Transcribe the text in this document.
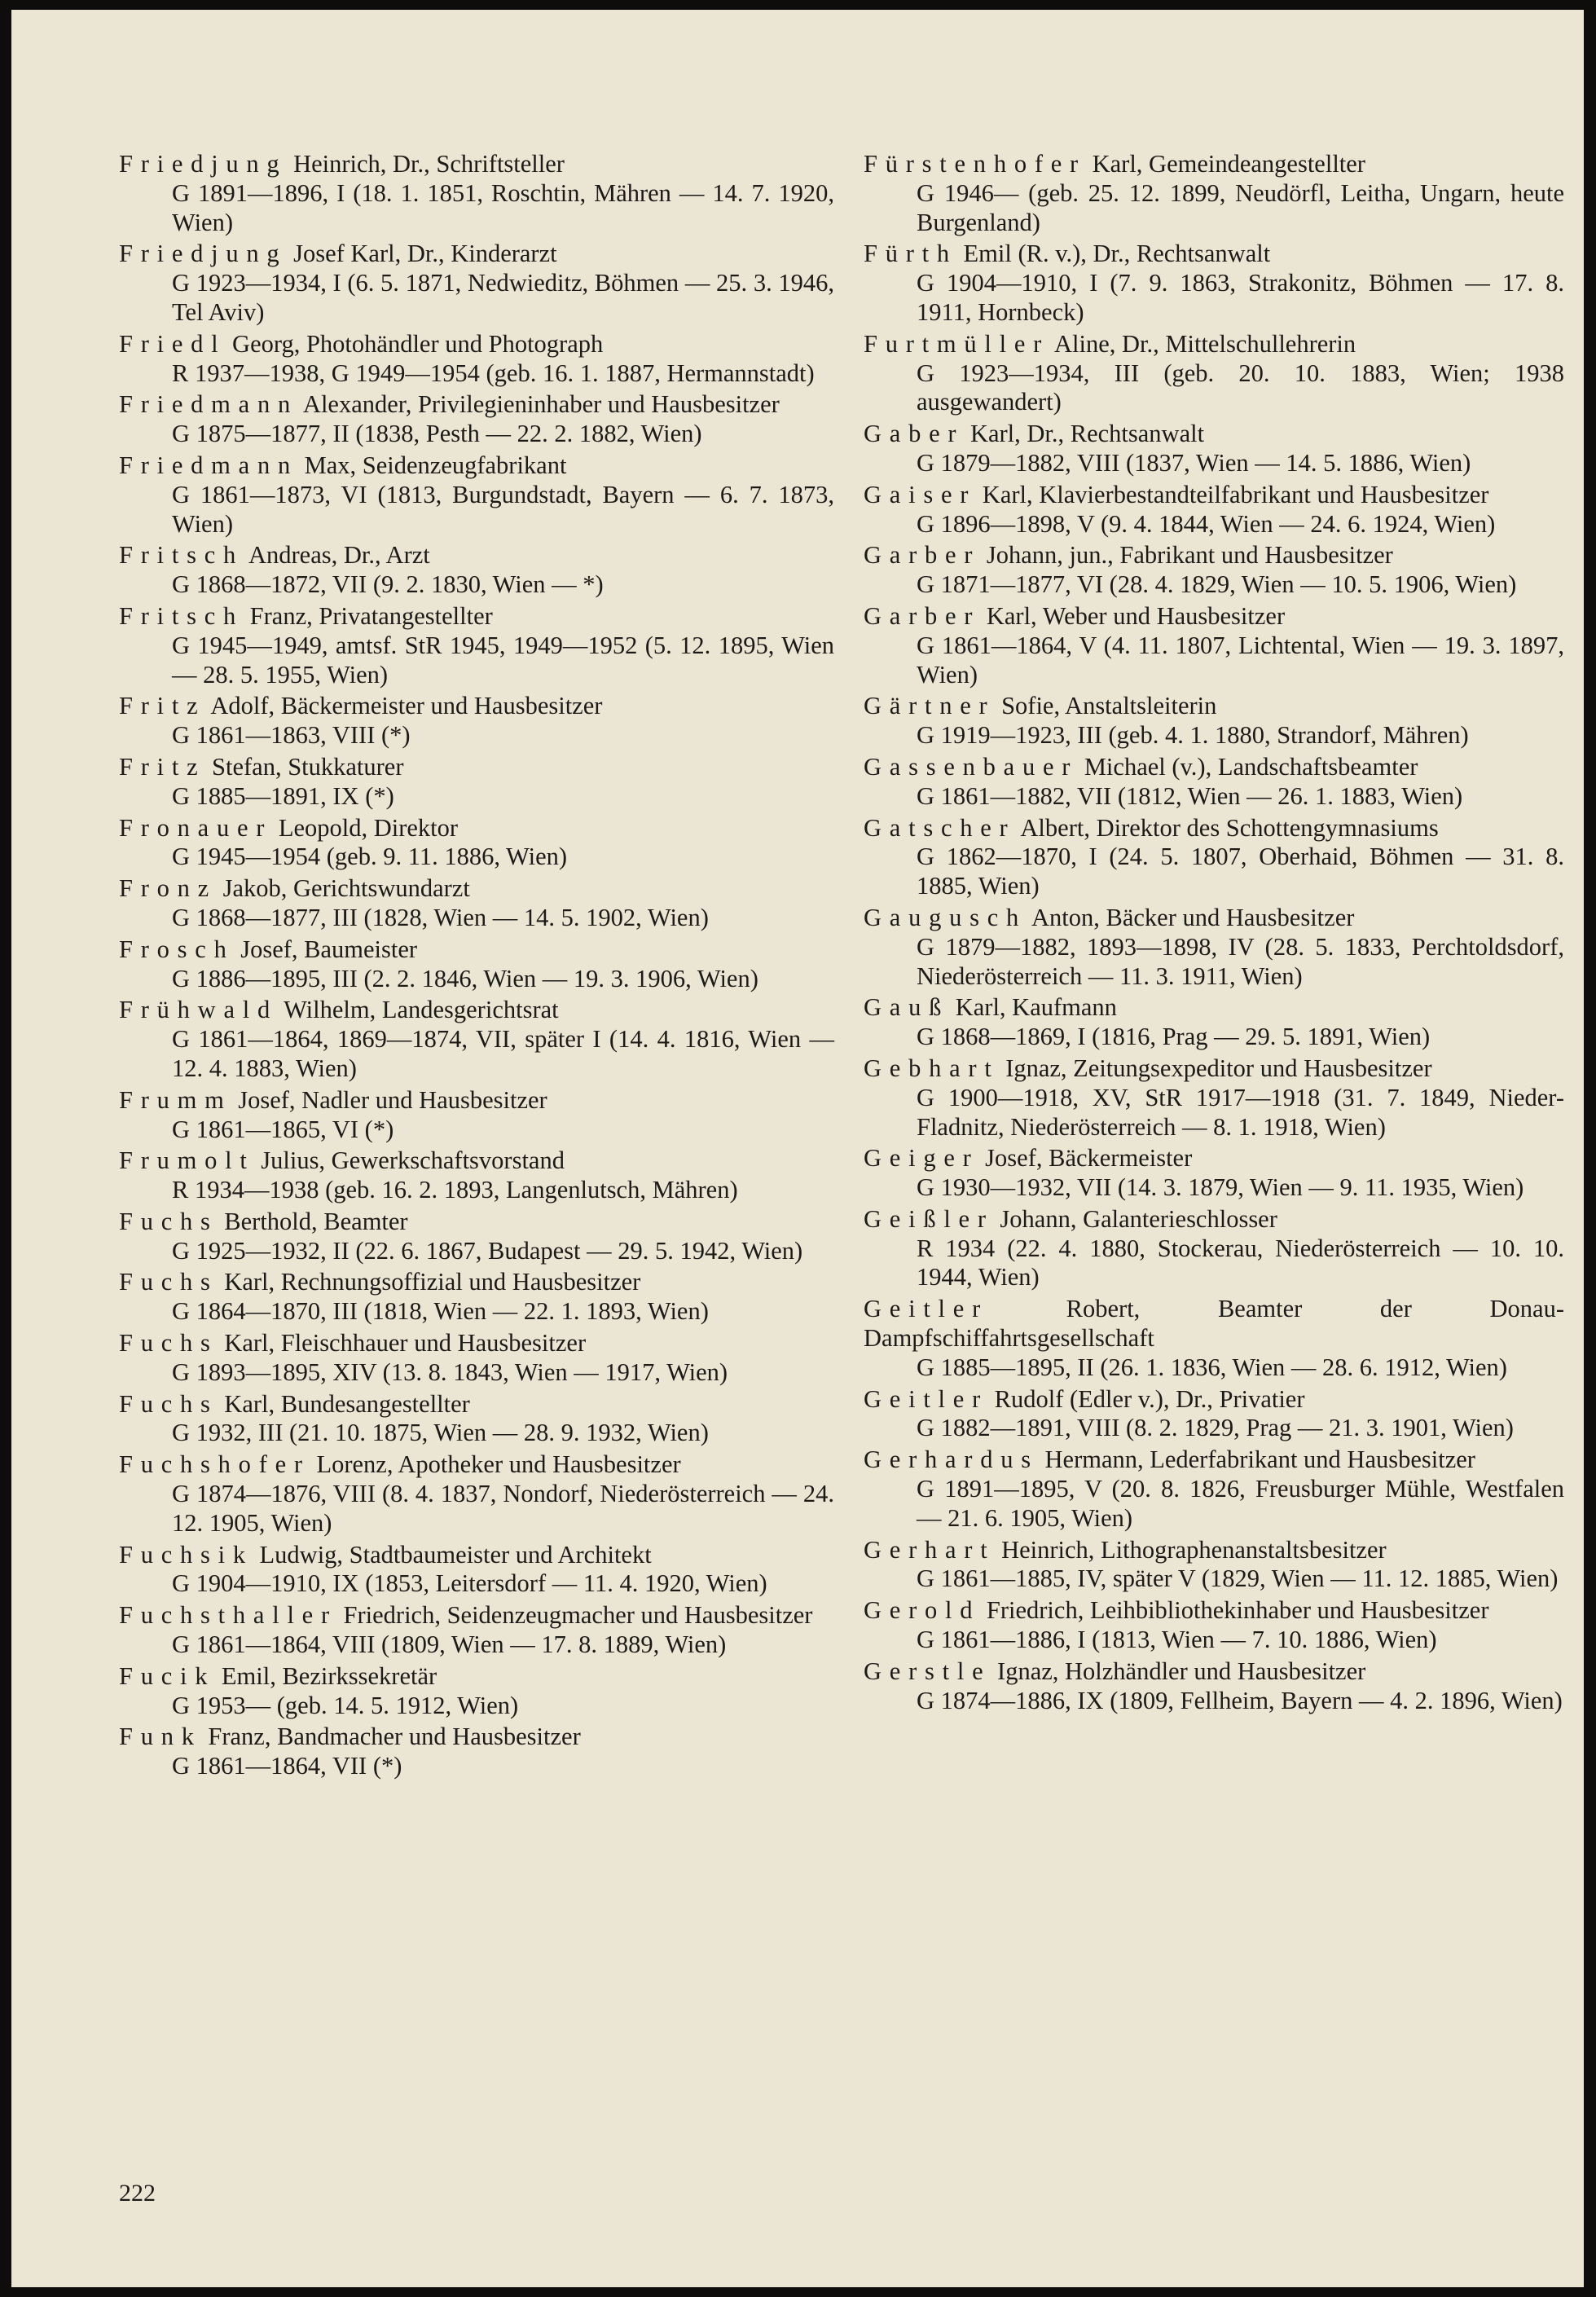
Friedjung Heinrich, Dr., Schriftsteller
G 1891—1896, I (18. 1. 1851, Roschtin, Mähren — 14. 7. 1920, Wien)
Friedjung Josef Karl, Dr., Kinderarzt
G 1923—1934, I (6. 5. 1871, Nedwieditz, Böhmen — 25. 3. 1946, Tel Aviv)
Friedl Georg, Photohändler und Photograph
R 1937—1938, G 1949—1954 (geb. 16. 1. 1887, Hermannstadt)
Friedmann Alexander, Privilegieninhaber und Hausbesitzer
G 1875—1877, II (1838, Pesth — 22. 2. 1882, Wien)
Friedmann Max, Seidenzeugfabrikant
G 1861—1873, VI (1813, Burgundstadt, Bayern — 6. 7. 1873, Wien)
Fritsch Andreas, Dr., Arzt
G 1868—1872, VII (9. 2. 1830, Wien — *)
Fritsch Franz, Privatangestellter
G 1945—1949, amtsf. StR 1945, 1949—1952 (5. 12. 1895, Wien — 28. 5. 1955, Wien)
Fritz Adolf, Bäckermeister und Hausbesitzer
G 1861—1863, VIII (*)
Fritz Stefan, Stukkaturer
G 1885—1891, IX (*)
Fronauer Leopold, Direktor
G 1945—1954 (geb. 9. 11. 1886, Wien)
Fronz Jakob, Gerichtswundarzt
G 1868—1877, III (1828, Wien — 14. 5. 1902, Wien)
Frosch Josef, Baumeister
G 1886—1895, III (2. 2. 1846, Wien — 19. 3. 1906, Wien)
Frühwald Wilhelm, Landesgerichtsrat
G 1861—1864, 1869—1874, VII, später I (14. 4. 1816, Wien — 12. 4. 1883, Wien)
Frumm Josef, Nadler und Hausbesitzer
G 1861—1865, VI (*)
Frumolt Julius, Gewerkschaftsvorstand
R 1934—1938 (geb. 16. 2. 1893, Langenlutsch, Mähren)
Fuchs Berthold, Beamter
G 1925—1932, II (22. 6. 1867, Budapest — 29. 5. 1942, Wien)
Fuchs Karl, Rechnungsoffizial und Hausbesitzer
G 1864—1870, III (1818, Wien — 22. 1. 1893, Wien)
Fuchs Karl, Fleischhauer und Hausbesitzer
G 1893—1895, XIV (13. 8. 1843, Wien — 1917, Wien)
Fuchs Karl, Bundesangestellter
G 1932, III (21. 10. 1875, Wien — 28. 9. 1932, Wien)
Fuchshofer Lorenz, Apotheker und Hausbesitzer
G 1874—1876, VIII (8. 4. 1837, Nondorf, Niederösterreich — 24. 12. 1905, Wien)
Fuchsik Ludwig, Stadtbaumeister und Architekt
G 1904—1910, IX (1853, Leitersdorf — 11. 4. 1920, Wien)
Fuchsthaller Friedrich, Seidenzeugmacher und Hausbesitzer
G 1861—1864, VIII (1809, Wien — 17. 8. 1889, Wien)
Fucik Emil, Bezirkssekretär
G 1953— (geb. 14. 5. 1912, Wien)
Funk Franz, Bandmacher und Hausbesitzer
G 1861—1864, VII (*)
Fürstenhofer Karl, Gemeindeangestellter
G 1946— (geb. 25. 12. 1899, Neudörfl, Leitha, Ungarn, heute Burgenland)
Fürth Emil (R. v.), Dr., Rechtsanwalt
G 1904—1910, I (7. 9. 1863, Strakonitz, Böhmen — 17. 8. 1911, Hornbeck)
Furtmüller Aline, Dr., Mittelschullehrerin
G 1923—1934, III (geb. 20. 10. 1883, Wien; 1938 ausgewandert)
Gaber Karl, Dr., Rechtsanwalt
G 1879—1882, VIII (1837, Wien — 14. 5. 1886, Wien)
Gaiser Karl, Klavierbestandteilfabrikant und Hausbesitzer
G 1896—1898, V (9. 4. 1844, Wien — 24. 6. 1924, Wien)
Garber Johann, jun., Fabrikant und Hausbesitzer
G 1871—1877, VI (28. 4. 1829, Wien — 10. 5. 1906, Wien)
Garber Karl, Weber und Hausbesitzer
G 1861—1864, V (4. 11. 1807, Lichtental, Wien — 19. 3. 1897, Wien)
Gärtner Sofie, Anstaltsleiterin
G 1919—1923, III (geb. 4. 1. 1880, Strandorf, Mähren)
Gassenbauer Michael (v.), Landschaftsbeamter
G 1861—1882, VII (1812, Wien — 26. 1. 1883, Wien)
Gatscher Albert, Direktor des Schottengymnasiums
G 1862—1870, I (24. 5. 1807, Oberhaid, Böhmen — 31. 8. 1885, Wien)
Gaugusch Anton, Bäcker und Hausbesitzer
G 1879—1882, 1893—1898, IV (28. 5. 1833, Perchtoldsdorf, Niederösterreich — 11. 3. 1911, Wien)
Gauß Karl, Kaufmann
G 1868—1869, I (1816, Prag — 29. 5. 1891, Wien)
Gebhart Ignaz, Zeitungsexpeditor und Hausbesitzer
G 1900—1918, XV, StR 1917—1918 (31. 7. 1849, Nieder-Fladnitz, Niederösterreich — 8. 1. 1918, Wien)
Geiger Josef, Bäckermeister
G 1930—1932, VII (14. 3. 1879, Wien — 9. 11. 1935, Wien)
Geißler Johann, Galanterieschlosser
R 1934 (22. 4. 1880, Stockerau, Niederösterreich — 10. 10. 1944, Wien)
Geitler Robert, Beamter der Donau-Dampfschiffahrtsgesellschaft
G 1885—1895, II (26. 1. 1836, Wien — 28. 6. 1912, Wien)
Geitler Rudolf (Edler v.), Dr., Privatier
G 1882—1891, VIII (8. 2. 1829, Prag — 21. 3. 1901, Wien)
Gerhardus Hermann, Lederfabrikant und Hausbesitzer
G 1891—1895, V (20. 8. 1826, Freusburger Mühle, Westfalen — 21. 6. 1905, Wien)
Gerhart Heinrich, Lithographenanstaltsbesitzer
G 1861—1885, IV, später V (1829, Wien — 11. 12. 1885, Wien)
Gerold Friedrich, Leihbibliothekinhaber und Hausbesitzer
G 1861—1886, I (1813, Wien — 7. 10. 1886, Wien)
Gerstle Ignaz, Holzhändler und Hausbesitzer
G 1874—1886, IX (1809, Fellheim, Bayern — 4. 2. 1896, Wien)
222
